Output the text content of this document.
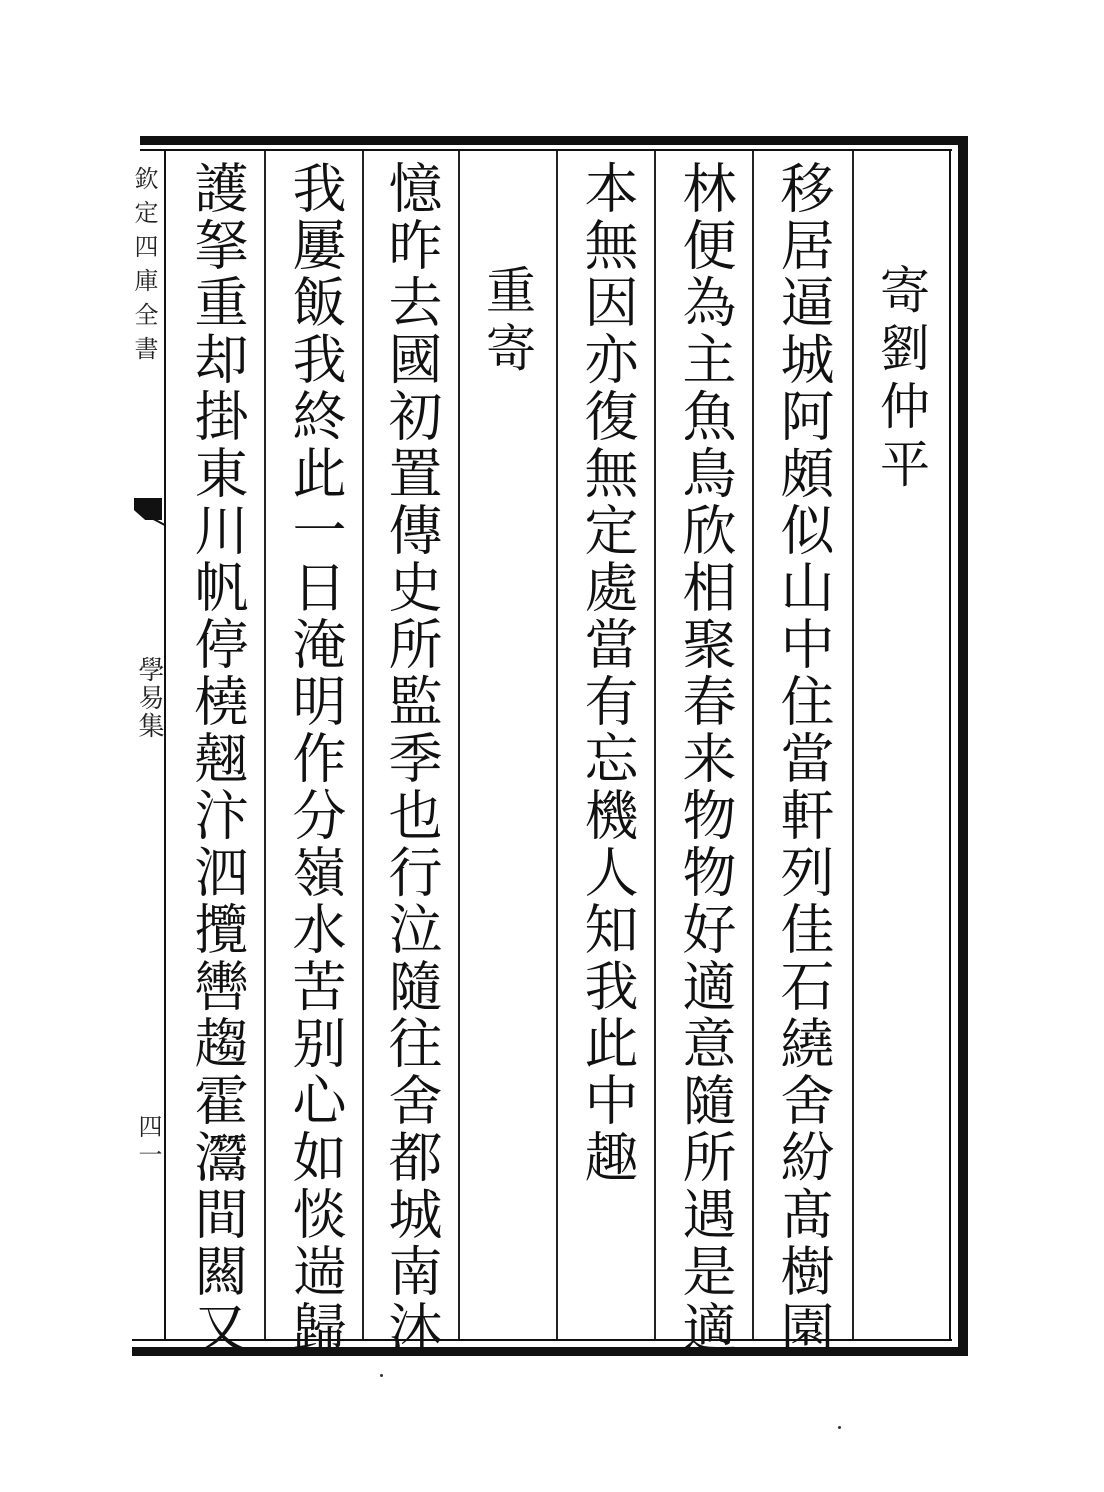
欽定四庫全書
學易集
四一
寄劉仲平
移居逼城阿頗似山中住當軒列佳石繞舍紛髙樹園
林便為主魚鳥欣相聚春来物物好適意隨所遇是適
本無因亦復無定處當有忘機人知我此中趣
重寄
憶昨去國初置傳史所監季也行泣隨往舍都城南沐
我屢飯我終此一日淹明作分嶺水苦别心如惔遄歸
護拏重却掛東川帆停橈翹汴泗攬轡趨霍灊間闗又
